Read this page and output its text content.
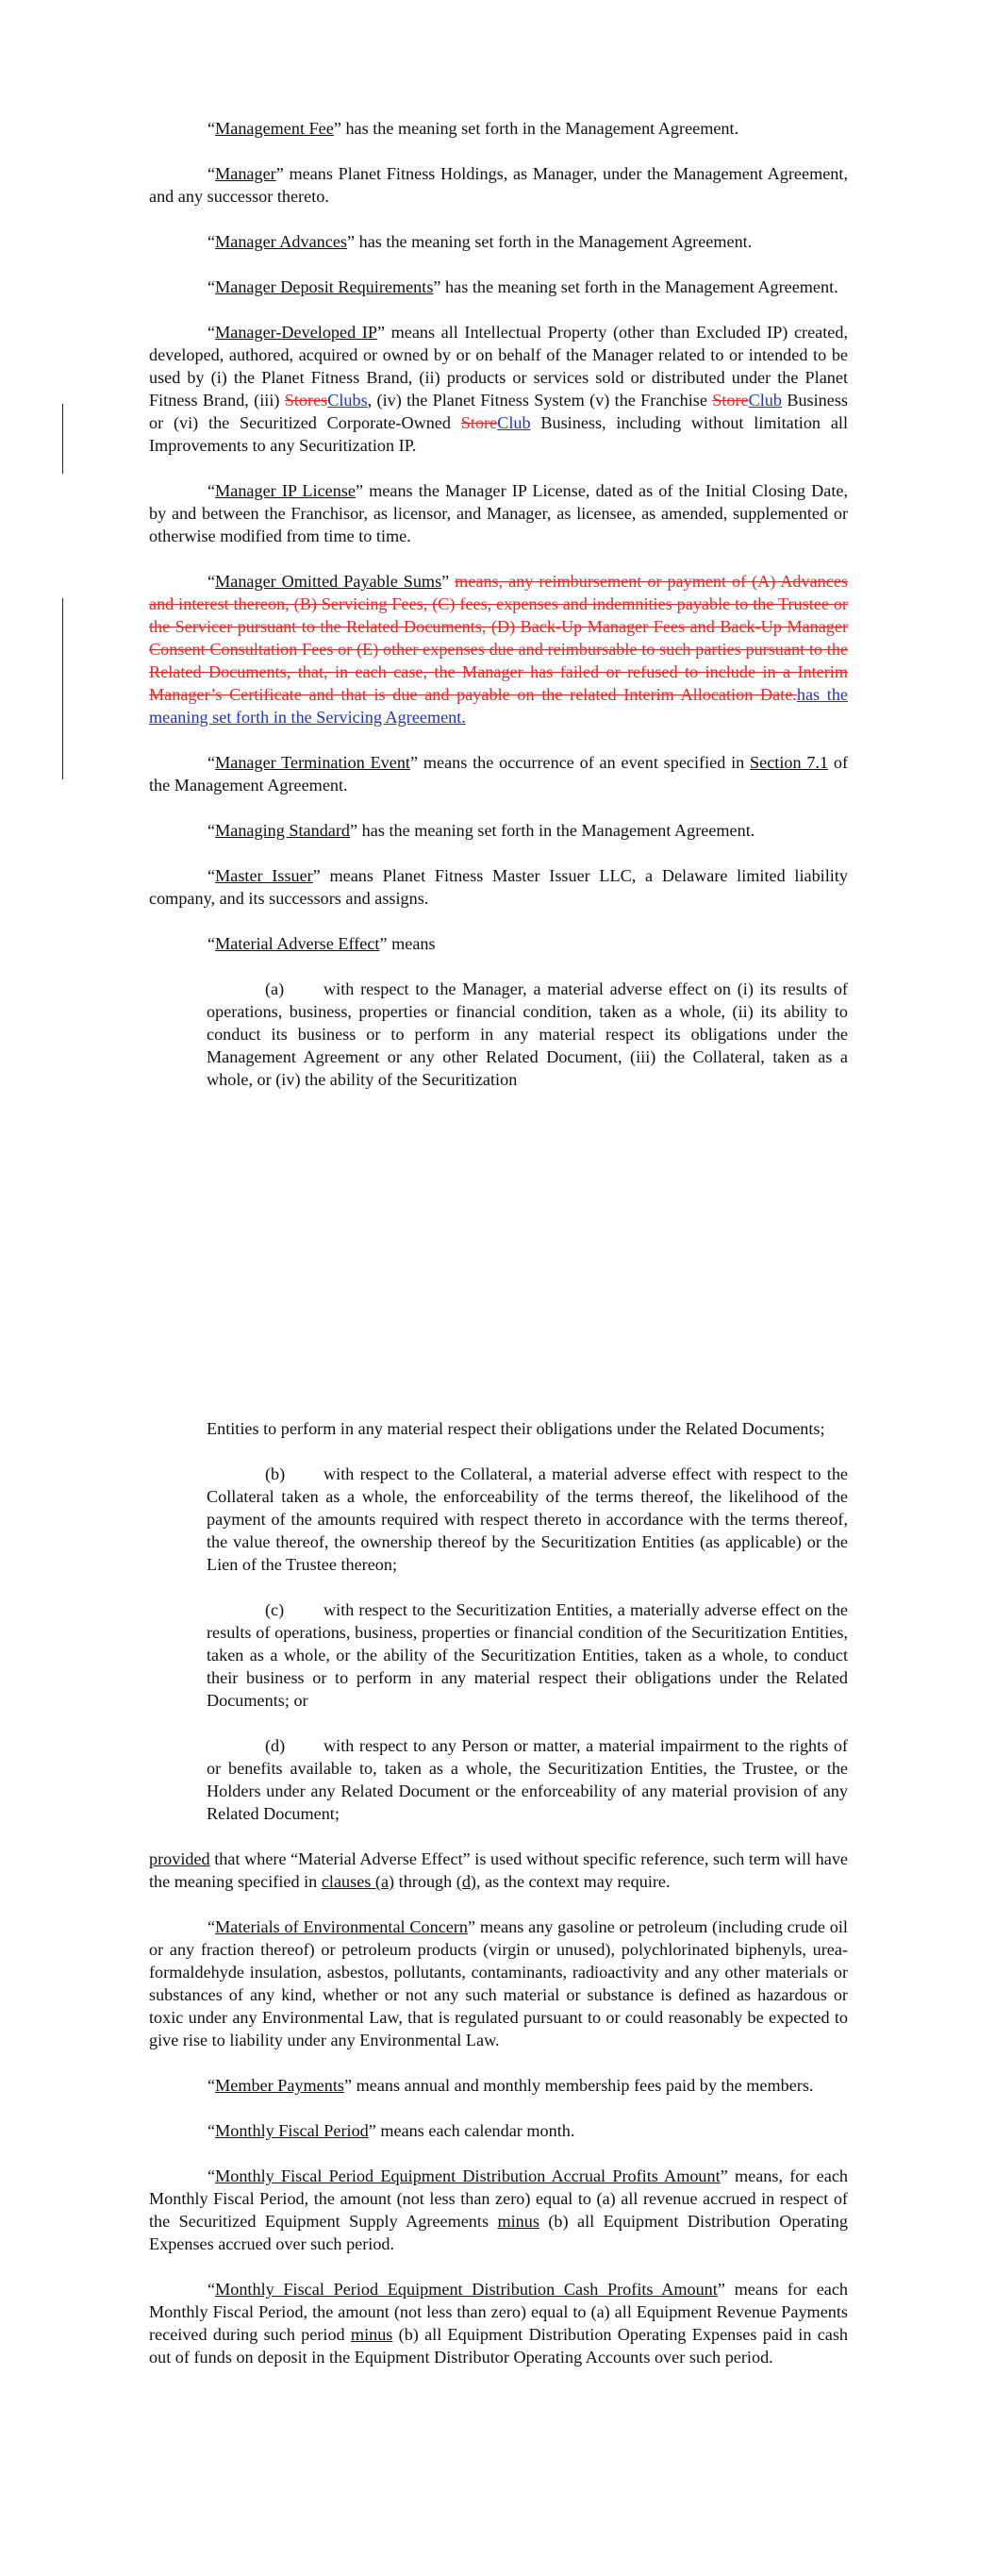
“Management Fee” has the meaning set forth in the Management Agreement.

“Manager” means Planet Fitness Holdings, as Manager, under the Management Agreement, and any successor thereto.

“Manager Advances” has the meaning set forth in the Management Agreement.

“Manager Deposit Requirements” has the meaning set forth in the Management Agreement.

“Manager-Developed IP” means all Intellectual Property (other than Excluded IP) created, developed, authored, acquired or owned by or on behalf of the Manager related to or intended to be used by (i) the Planet Fitness Brand, (ii) products or services sold or distributed under the Planet Fitness Brand, (iii) StoresClubs, (iv) the Planet Fitness System (v) the Franchise StoreClub Business or (vi) the Securitized Corporate-Owned StoreClub Business, including without limitation all Improvements to any Securitization IP.

“Manager IP License” means the Manager IP License, dated as of the Initial Closing Date, by and between the Franchisor, as licensor, and Manager, as licensee, as amended, supplemented or otherwise modified from time to time.

“Manager Omitted Payable Sums” means, any reimbursement or payment of (A) Advances and interest thereon, (B) Servicing Fees, (C) fees, expenses and indemnities payable to the Trustee or the Servicer pursuant to the Related Documents, (D) Back-Up Manager Fees and Back-Up Manager Consent Consultation Fees or (E) other expenses due and reimbursable to such parties pursuant to the Related Documents, that, in each case, the Manager has failed or refused to include in a Interim Manager’s Certificate and that is due and payable on the related Interim Allocation Date.has the meaning set forth in the Servicing Agreement.

“Manager Termination Event” means the occurrence of an event specified in Section 7.1 of the Management Agreement.

“Managing Standard” has the meaning set forth in the Management Agreement.

“Master Issuer” means Planet Fitness Master Issuer LLC, a Delaware limited liability company, and its successors and assigns.

“Material Adverse Effect” means

(a) with respect to the Manager, a material adverse effect on (i) its results of operations, business, properties or financial condition, taken as a whole, (ii) its ability to conduct its business or to perform in any material respect its obligations under the Management Agreement or any other Related Document, (iii) the Collateral, taken as a whole, or (iv) the ability of the Securitization

Entities to perform in any material respect their obligations under the Related Documents;

(b) with respect to the Collateral, a material adverse effect with respect to the Collateral taken as a whole, the enforceability of the terms thereof, the likelihood of the payment of the amounts required with respect thereto in accordance with the terms thereof, the value thereof, the ownership thereof by the Securitization Entities (as applicable) or the Lien of the Trustee thereon;

(c) with respect to the Securitization Entities, a materially adverse effect on the results of operations, business, properties or financial condition of the Securitization Entities, taken as a whole, or the ability of the Securitization Entities, taken as a whole, to conduct their business or to perform in any material respect their obligations under the Related Documents; or

(d) with respect to any Person or matter, a material impairment to the rights of or benefits available to, taken as a whole, the Securitization Entities, the Trustee, or the Holders under any Related Document or the enforceability of any material provision of any Related Document;

provided that where “Material Adverse Effect” is used without specific reference, such term will have the meaning specified in clauses (a) through (d), as the context may require.

“Materials of Environmental Concern” means any gasoline or petroleum (including crude oil or any fraction thereof) or petroleum products (virgin or unused), polychlorinated biphenyls, urea-formaldehyde insulation, asbestos, pollutants, contaminants, radioactivity and any other materials or substances of any kind, whether or not any such material or substance is defined as hazardous or toxic under any Environmental Law, that is regulated pursuant to or could reasonably be expected to give rise to liability under any Environmental Law.

“Member Payments” means annual and monthly membership fees paid by the members.

“Monthly Fiscal Period” means each calendar month.

“Monthly Fiscal Period Equipment Distribution Accrual Profits Amount” means, for each Monthly Fiscal Period, the amount (not less than zero) equal to (a) all revenue accrued in respect of the Securitized Equipment Supply Agreements minus (b) all Equipment Distribution Operating Expenses accrued over such period.

“Monthly Fiscal Period Equipment Distribution Cash Profits Amount” means for each Monthly Fiscal Period, the amount (not less than zero) equal to (a) all Equipment Revenue Payments received during such period minus (b) all Equipment Distribution Operating Expenses paid in cash out of funds on deposit in the Equipment Distributor Operating Accounts over such period.
